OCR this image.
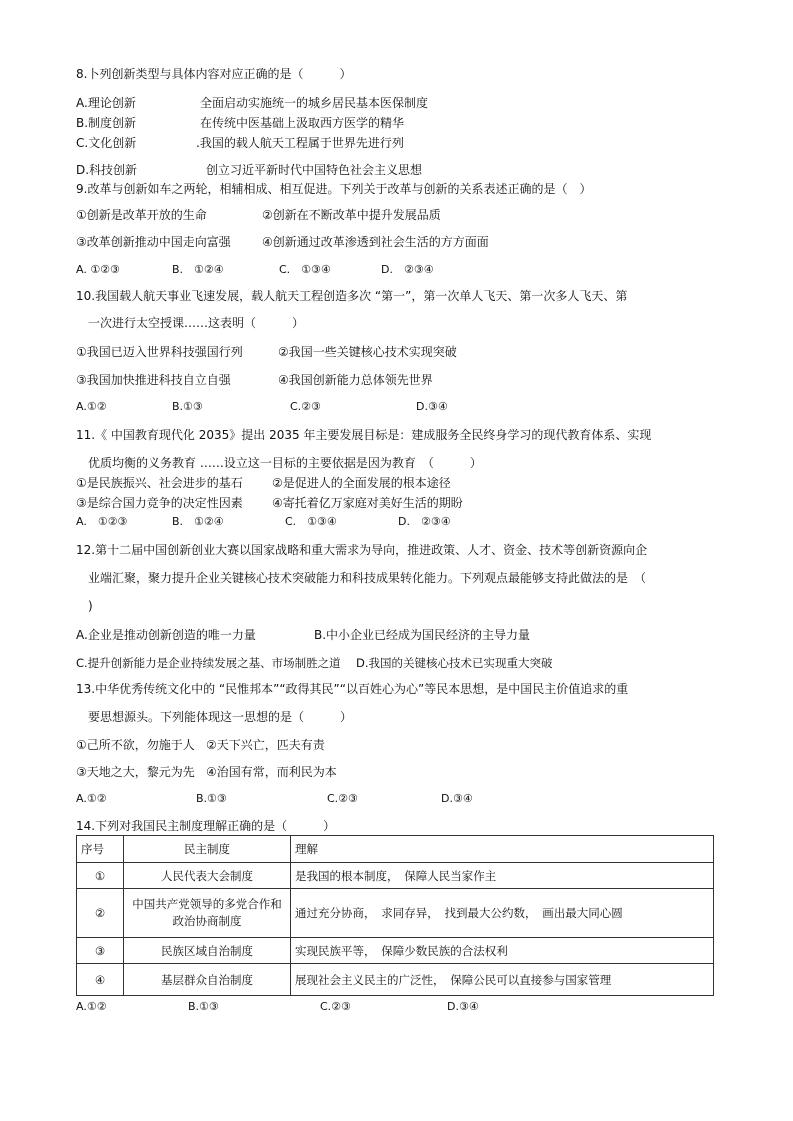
8.卜列创新类型与具体内容对应正确的是（　　　）
A.理论创新	全面启动实施统一的城乡居民基本医保制度
B.制度创新	在传统中医基础上汲取西方医学的精华
C.文化创新	.我国的载人航天工程属于世界先进行列
D.科技创新	创立习近平新时代中国特色社会主义思想
9.改革与创新如车之两轮，相辅相成、相互促进。下列关于改革与创新的关系表述正确的是（　）
①创新是改革开放的生命	②创新在不断改革中提升发展品质
③改革创新推动中国走向富强	④创新通过改革渗透到社会生活的方方面面
A. ①②③	B.　①②④	C.　①③④	D.　②③④
10.我国载人航天事业飞速发展，载人航天工程创造多次 “第一”，第一次单人飞天、第一次多人飞天、第
一次进行太空授课……这表明（　　　）
①我国已迈入世界科技强国行列	②我国一些关键核心技术实现突破
③我国加快推进科技自立自强	④我国创新能力总体领先世界
A.①②	B.①③	C.②③	D.③④
11.《 中国教育现代化 2035》提出 2035 年主要发展目标是：建成服务全民终身学习的现代教育体系、实现
优质均衡的义务教育 ……设立这一目标的主要依据是因为教育　（　　　）
①是民族振兴、社会进步的基石 ②是促进人的全面发展的根本途径
③是综合国力竞争的决定性因素 ④寄托着亿万家庭对美好生活的期盼
A.　①②③	B.　①②④	C.　①③④	D.　②③④
12.第十二届中国创新创业大赛以国家战略和重大需求为导向，推进政策、人才、资金、技术等创新资源向企
业端汇聚，聚力提升企业关键核心技术突破能力和科技成果转化能力。下列观点最能够支持此做法的是　（
)
A.企业是推动创新创造的唯一力量	B.中小企业已经成为国民经济的主导力量
C.提升创新能力是企业持续发展之基、市场制胜之道 D.我国的关键核心技术已实现重大突破
13.中华优秀传统文化中的 “民惟邦本”“政得其民”“以百姓心为心”等民本思想，是中国民主价值追求的重
要思想源头。下列能体现这一思想的是（　　　）
①己所不欲，勿施于人 ②天下兴亡，匹夫有责
③天地之大，黎元为先 ④治国有常，而利民为本
A.①②	B.①③	C.②③	D.③④
14.下列对我国民主制度理解正确的是（　　　）
序号	民主制度	理解
①	人民代表大会制度	是我国的根本制度，　保障人民当家作主
②	中国共产党领导的多党合作和政治协商制度	通过充分协商，　求同存异，　找到最大公约数，　画出最大同心圆
③	民族区域自治制度	实现民族平等，　保障少数民族的合法权利
④	基层群众自治制度	展现社会主义民主的广泛性，　保障公民可以直接参与国家管理
A.①②	B.①③	C.②③	D.③④
